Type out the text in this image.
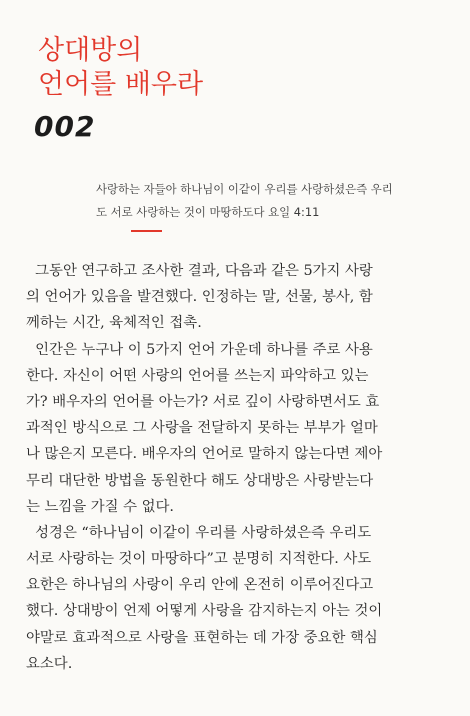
상대방의
언어를 배우라
002
사랑하는 자들아 하나님이 이같이 우리를 사랑하셨은즉 우리
도 서로 사랑하는 것이 마땅하도다 요일 4:11
그동안 연구하고 조사한 결과, 다음과 같은 5가지 사랑
의 언어가 있음을 발견했다. 인정하는 말, 선물, 봉사, 함
께하는 시간, 육체적인 접촉.
인간은 누구나 이 5가지 언어 가운데 하나를 주로 사용
한다. 자신이 어떤 사랑의 언어를 쓰는지 파악하고 있는
가? 배우자의 언어를 아는가? 서로 깊이 사랑하면서도 효
과적인 방식으로 그 사랑을 전달하지 못하는 부부가 얼마
나 많은지 모른다. 배우자의 언어로 말하지 않는다면 제아
무리 대단한 방법을 동원한다 해도 상대방은 사랑받는다
는 느낌을 가질 수 없다.
성경은 “하나님이 이같이 우리를 사랑하셨은즉 우리도
서로 사랑하는 것이 마땅하다”고 분명히 지적한다. 사도
요한은 하나님의 사랑이 우리 안에 온전히 이루어진다고
했다. 상대방이 언제 어떻게 사랑을 감지하는지 아는 것이
야말로 효과적으로 사랑을 표현하는 데 가장 중요한 핵심
요소다.
